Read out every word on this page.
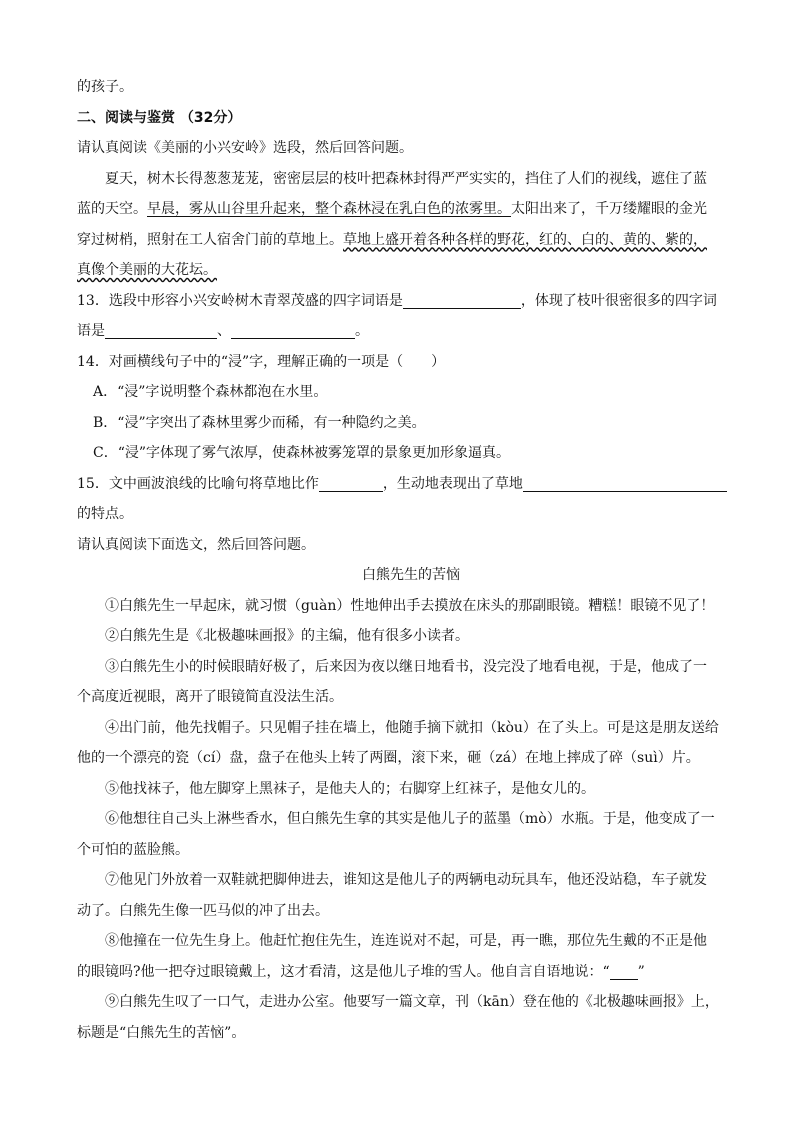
的孩子。
二、阅读与鉴赏 （32分）
请认真阅读《美丽的小兴安岭》选段，然后回答问题。
夏天，树木长得葱葱茏茏，密密层层的枝叶把森林封得严严实实的，挡住了人们的视线，遮住了蓝
蓝的天空。早晨，雾从山谷里升起来，整个森林浸在乳白色的浓雾里。太阳出来了，千万缕耀眼的金光
穿过树梢，照射在工人宿舍门前的草地上。草地上盛开着各种各样的野花，红的、白的、黄的、紫的，
真像个美丽的大花坛。
13．选段中形容小兴安岭树木青翠茂盛的四字词语是	，体现了枝叶很密很多的四字词
语是	、	。
14．对画横线句子中的“浸”字，理解正确的一项是（　　）
A．“浸”字说明整个森林都泡在水里。
B．“浸”字突出了森林里雾少而稀，有一种隐约之美。
C．“浸”字体现了雾气浓厚，使森林被雾笼罩的景象更加形象逼真。
15．文中画波浪线的比喻句将草地比作	，生动地表现出了草地
的特点。
请认真阅读下面选文，然后回答问题。
白熊先生的苦恼
①白熊先生一早起床，就习惯（guàn）性地伸出手去摸放在床头的那副眼镜。糟糕！眼镜不见了！
②白熊先生是《北极趣味画报》的主编，他有很多小读者。
③白熊先生小的时候眼睛好极了，后来因为夜以继日地看书，没完没了地看电视，于是，他成了一
个高度近视眼，离开了眼镜简直没法生活。
④出门前，他先找帽子。只见帽子挂在墙上，他随手摘下就扣（kòu）在了头上。可是这是朋友送给
他的一个漂亮的瓷（cí）盘，盘子在他头上转了两圈，滚下来，砸（zá）在地上摔成了碎（suì）片。
⑤他找袜子，他左脚穿上黑袜子，是他夫人的；右脚穿上红袜子，是他女儿的。
⑥他想往自己头上淋些香水，但白熊先生拿的其实是他儿子的蓝墨（mò）水瓶。于是，他变成了一
个可怕的蓝脸熊。
⑦他见门外放着一双鞋就把脚伸进去，谁知这是他儿子的两辆电动玩具车，他还没站稳，车子就发
动了。白熊先生像一匹马似的冲了出去。
⑧他撞在一位先生身上。他赶忙抱住先生，连连说对不起，可是，再一瞧，那位先生戴的不正是他
的眼镜吗?他一把夺过眼镜戴上，这才看清，这是他儿子堆的雪人。他自言自语地说：“ ”
⑨白熊先生叹了一口气，走进办公室。他要写一篇文章，刊（kān）登在他的《北极趣味画报》上，
标题是“白熊先生的苦恼”。
